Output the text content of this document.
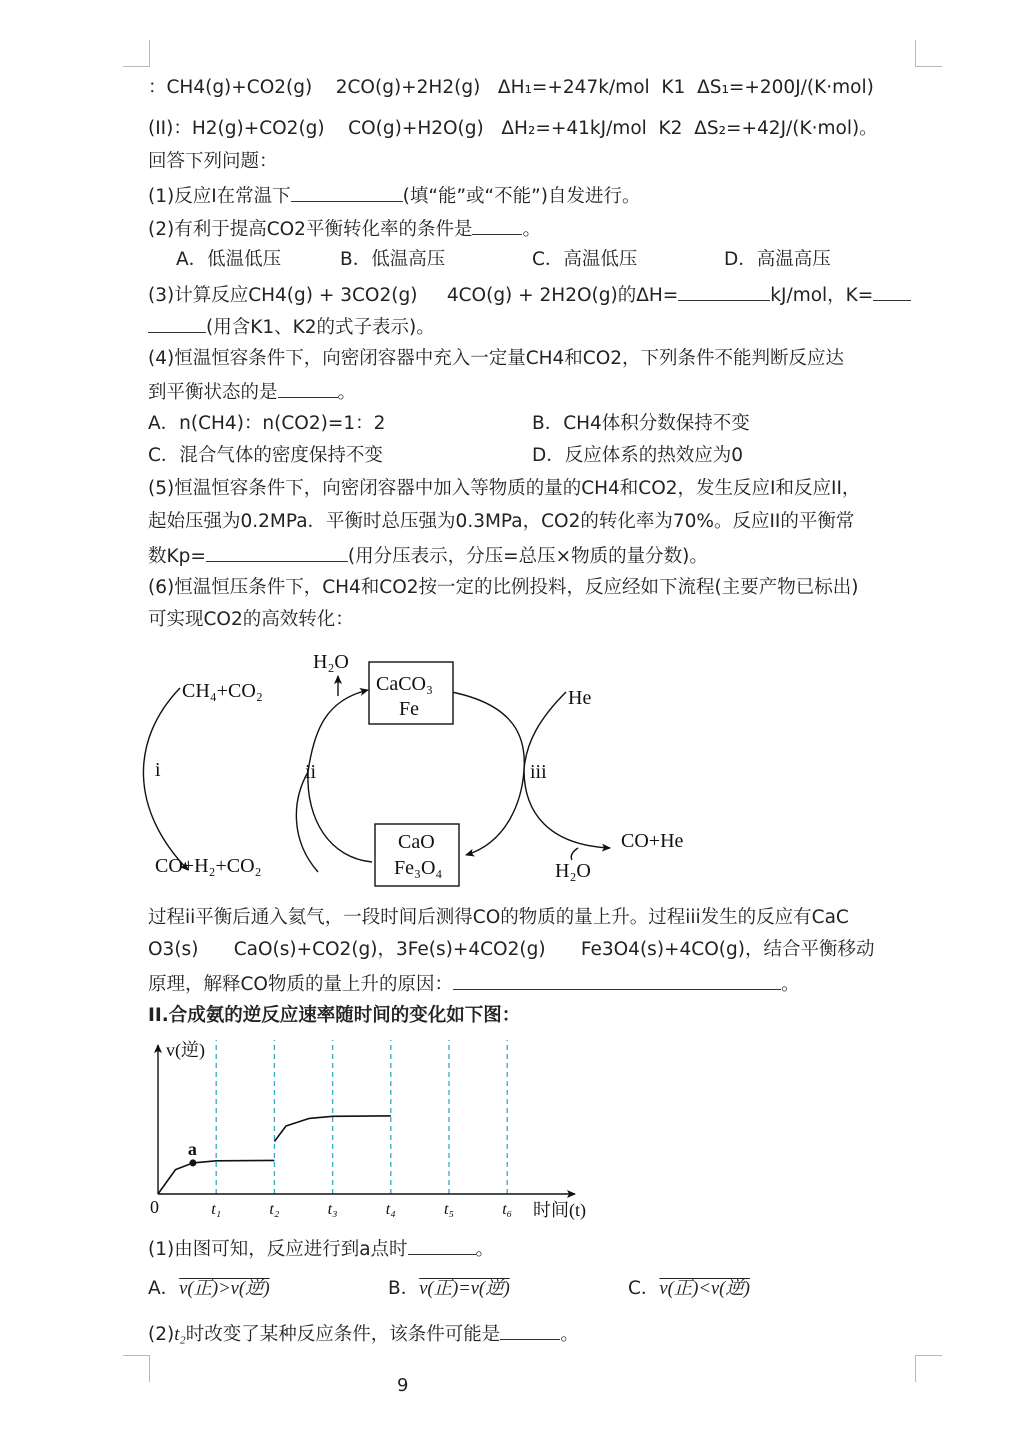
：CH4(g)+CO2(g)    2CO(g)+2H2(g)   ΔH₁=+247k/mol  K1  ΔS₁=+200J/(K·mol)
(II)：H2(g)+CO2(g)    CO(g)+H2O(g)   ΔH₂=+41kJ/mol  K2  ΔS₂=+42J/(K·mol)。
回答下列问题：
(1)反应Ⅰ在常温下	(填“能”或“不能”)自发进行。
(2)有利于提高CO2平衡转化率的条件是	。
A．低温低压	B．低温高压	C．高温低压	D．高温高压
(3)计算反应CH4(g) + 3CO2(g)     4CO(g) + 2H2O(g)的ΔH=	kJ/mol，K=
(用含K1、K2的式子表示)。
(4)恒温恒容条件下，向密闭容器中充入一定量CH4和CO2，下列条件不能判断反应达
到平衡状态的是	。
A．n(CH4)：n(CO2)=1：2	B．CH4体积分数保持不变
C．混合气体的密度保持不变	D．反应体系的热效应为0
(5)恒温恒容条件下，向密闭容器中加入等物质的量的CH4和CO2，发生反应Ⅰ和反应II，
起始压强为0.2MPa．平衡时总压强为0.3MPa，CO2的转化率为70%。反应II的平衡常
数Kp=	(用分压表示，分压=总压×物质的量分数)。
(6)恒温恒压条件下，CH4和CO2按一定的比例投料，反应经如下流程(主要产物已标出)
可实现CO2的高效转化：
CH₄+CO₂
CO+H₂+CO₂
H₂O
CaCO₃
Fe
CaO
Fe₃O₄
He
CO+He
H₂O
i	ii	iii
过程ii平衡后通入氦气，一段时间后测得CO的物质的量上升。过程iii发生的反应有CaC
O3(s)      CaO(s)+CO2(g)，3Fe(s)+4CO2(g)      Fe3O4(s)+4CO(g)，结合平衡移动
原理，解释CO物质的量上升的原因：	。
II.合成氨的逆反应速率随时间的变化如下图：
t₁	t₂	t₃	t₄	t₅	t₆
v(逆)
时间(t)
0
a
(1)由图可知，反应进行到a点时	。
A．v(正)>v(逆)	B．v(正)=v(逆)	C．v(正)<v(逆)
(2)t₂时改变了某种反应条件，该条件可能是	。
9
